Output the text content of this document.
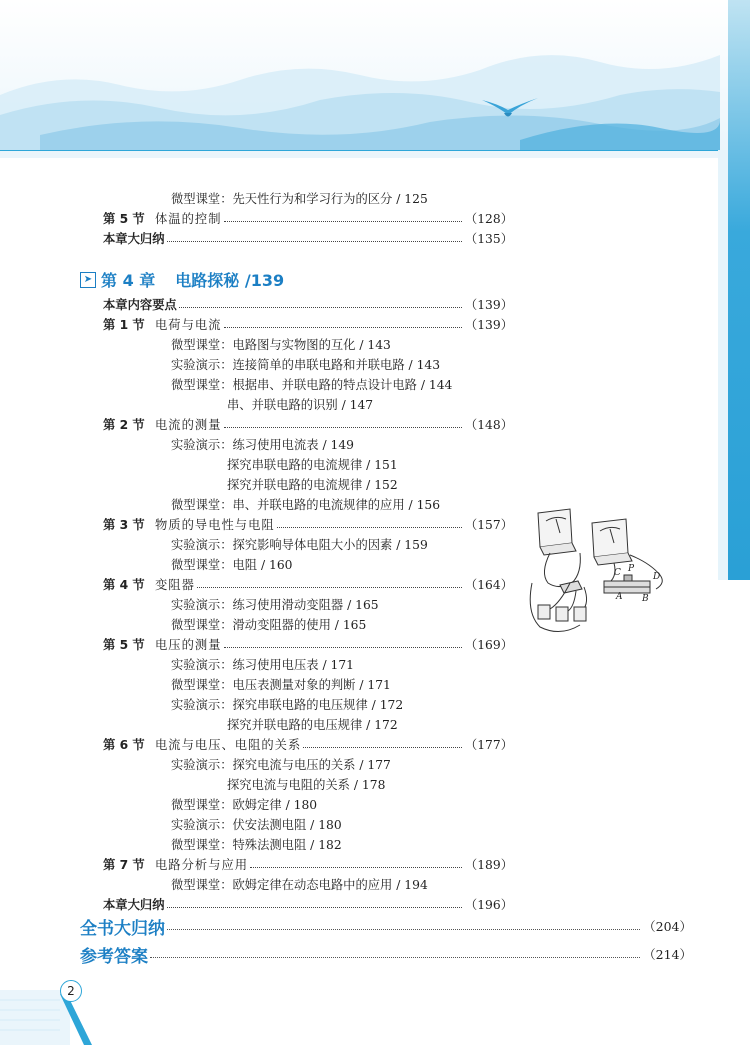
微型课堂：先天性行为和学习行为的区分 / 125
第 5 节 体温的控制	（128）
本章大归纳	（135）
➤ 第 4 章 电路探秘 /139
本章内容要点	（139）
第 1 节 电荷与电流	（139）
微型课堂：电路图与实物图的互化 / 143
实验演示：连接简单的串联电路和并联电路 / 143
微型课堂：根据串、并联电路的特点设计电路 / 144
串、并联电路的识别 / 147
第 2 节 电流的测量	（148）
实验演示：练习使用电流表 / 149
探究串联电路的电流规律 / 151
探究并联电路的电流规律 / 152
微型课堂：串、并联电路的电流规律的应用 / 156
第 3 节 物质的导电性与电阻	（157）
实验演示：探究影响导体电阻大小的因素 / 159
微型课堂：电阻 / 160
第 4 节 变阻器	（164）
实验演示：练习使用滑动变阻器 / 165
微型课堂：滑动变阻器的使用 / 165
第 5 节 电压的测量	（169）
实验演示：练习使用电压表 / 171
微型课堂：电压表测量对象的判断 / 171
实验演示：探究串联电路的电压规律 / 172
探究并联电路的电压规律 / 172
第 6 节 电流与电压、电阻的关系	（177）
实验演示：探究电流与电压的关系 / 177
探究电流与电阻的关系 / 178
微型课堂：欧姆定律 / 180
实验演示：伏安法测电阻 / 180
微型课堂：特殊法测电阻 / 182
第 7 节 电路分析与应用	（189）
微型课堂：欧姆定律在动态电路中的应用 / 194
本章大归纳	（196）
C P
D
A B
全书大归纳	（204）
参考答案	（214）
2
